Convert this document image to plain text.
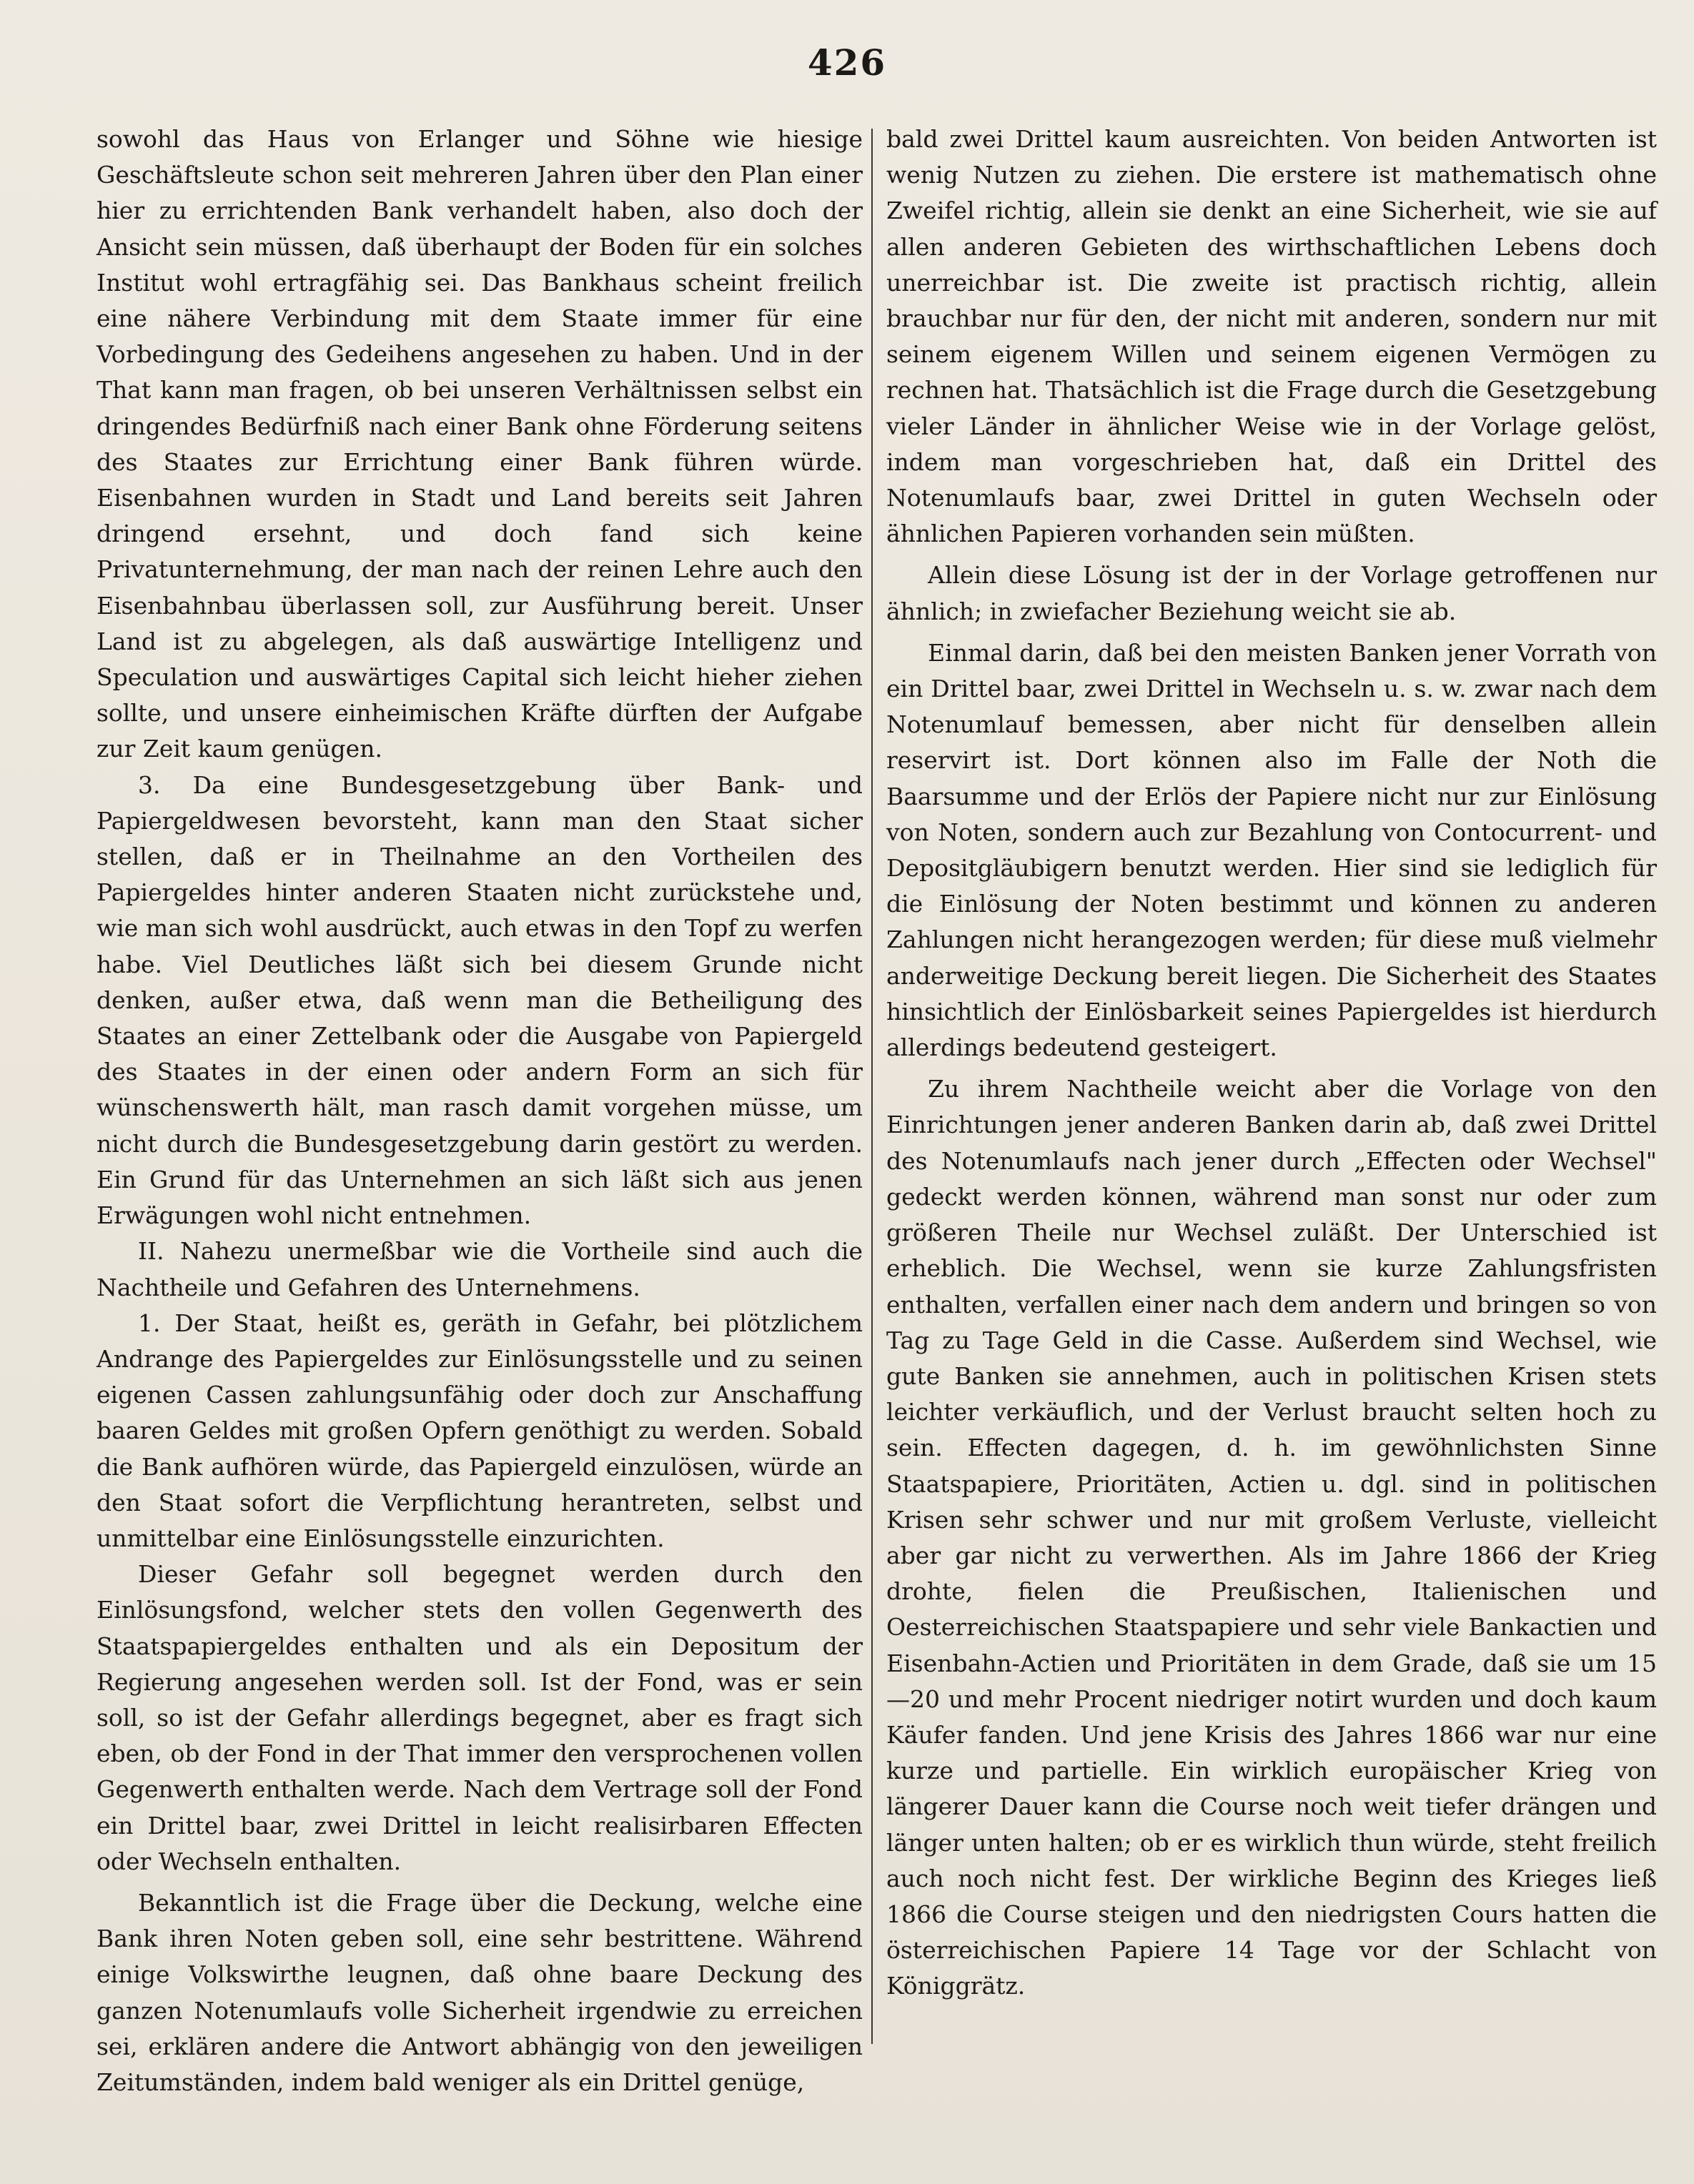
426

sowohl das Haus von Erlanger und Söhne wie hiesige Geschäftsleute schon seit mehreren Jahren über den Plan einer hier zu errichtenden Bank verhandelt haben, also doch der Ansicht sein müssen, daß überhaupt der Boden für ein solches Institut wohl ertragfähig sei. Das Bankhaus scheint freilich eine nähere Verbindung mit dem Staate immer für eine Vorbedingung des Gedeihens angesehen zu haben. Und in der That kann man fragen, ob bei unseren Verhältnissen selbst ein dringendes Bedürfniß nach einer Bank ohne Förderung seitens des Staates zur Errichtung einer Bank führen würde. Eisenbahnen wurden in Stadt und Land bereits seit Jahren dringend ersehnt, und doch fand sich keine Privatunternehmung, der man nach der reinen Lehre auch den Eisenbahnbau überlassen soll, zur Ausführung bereit. Unser Land ist zu abgelegen, als daß auswärtige Intelligenz und Speculation und auswärtiges Capital sich leicht hieher ziehen sollte, und unsere einheimischen Kräfte dürften der Aufgabe zur Zeit kaum genügen.

3. Da eine Bundesgesetzgebung über Bank- und Papiergeldwesen bevorsteht, kann man den Staat sicher stellen, daß er in Theilnahme an den Vortheilen des Papiergeldes hinter anderen Staaten nicht zurückstehe und, wie man sich wohl ausdrückt, auch etwas in den Topf zu werfen habe. Viel Deutliches läßt sich bei diesem Grunde nicht denken, außer etwa, daß wenn man die Betheiligung des Staates an einer Zettelbank oder die Ausgabe von Papiergeld des Staates in der einen oder andern Form an sich für wünschenswerth hält, man rasch damit vorgehen müsse, um nicht durch die Bundesgesetzgebung darin gestört zu werden. Ein Grund für das Unternehmen an sich läßt sich aus jenen Erwägungen wohl nicht entnehmen.

II. Nahezu unermeßbar wie die Vortheile sind auch die Nachtheile und Gefahren des Unternehmens.

1. Der Staat, heißt es, geräth in Gefahr, bei plötzlichem Andrange des Papiergeldes zur Einlösungsstelle und zu seinen eigenen Cassen zahlungsunfähig oder doch zur Anschaffung baaren Geldes mit großen Opfern genöthigt zu werden. Sobald die Bank aufhören würde, das Papiergeld einzulösen, würde an den Staat sofort die Verpflichtung herantreten, selbst und unmittelbar eine Einlösungsstelle einzurichten.

Dieser Gefahr soll begegnet werden durch den Einlösungsfond, welcher stets den vollen Gegenwerth des Staatspapiergeldes enthalten und als ein Depositum der Regierung angesehen werden soll. Ist der Fond, was er sein soll, so ist der Gefahr allerdings begegnet, aber es fragt sich eben, ob der Fond in der That immer den versprochenen vollen Gegenwerth enthalten werde. Nach dem Vertrage soll der Fond ein Drittel baar, zwei Drittel in leicht realisirbaren Effecten oder Wechseln enthalten.

Bekanntlich ist die Frage über die Deckung, welche eine Bank ihren Noten geben soll, eine sehr bestrittene. Während einige Volkswirthe leugnen, daß ohne baare Deckung des ganzen Notenumlaufs volle Sicherheit irgendwie zu erreichen sei, erklären andere die Antwort abhängig von den jeweiligen Zeitumständen, indem bald weniger als ein Drittel genüge,

bald zwei Drittel kaum ausreichten. Von beiden Antworten ist wenig Nutzen zu ziehen. Die erstere ist mathematisch ohne Zweifel richtig, allein sie denkt an eine Sicherheit, wie sie auf allen anderen Gebieten des wirthschaftlichen Lebens doch unerreichbar ist. Die zweite ist practisch richtig, allein brauchbar nur für den, der nicht mit anderen, sondern nur mit seinem eigenem Willen und seinem eigenen Vermögen zu rechnen hat. Thatsächlich ist die Frage durch die Gesetzgebung vieler Länder in ähnlicher Weise wie in der Vorlage gelöst, indem man vorgeschrieben hat, daß ein Drittel des Notenumlaufs baar, zwei Drittel in guten Wechseln oder ähnlichen Papieren vorhanden sein müßten.

Allein diese Lösung ist der in der Vorlage getroffenen nur ähnlich; in zwiefacher Beziehung weicht sie ab.

Einmal darin, daß bei den meisten Banken jener Vorrath von ein Drittel baar, zwei Drittel in Wechseln u. s. w. zwar nach dem Notenumlauf bemessen, aber nicht für denselben allein reservirt ist. Dort können also im Falle der Noth die Baarsumme und der Erlös der Papiere nicht nur zur Einlösung von Noten, sondern auch zur Bezahlung von Contocurrent- und Depositgläubigern benutzt werden. Hier sind sie lediglich für die Einlösung der Noten bestimmt und können zu anderen Zahlungen nicht herangezogen werden; für diese muß vielmehr anderweitige Deckung bereit liegen. Die Sicherheit des Staates hinsichtlich der Einlösbarkeit seines Papiergeldes ist hierdurch allerdings bedeutend gesteigert.

Zu ihrem Nachtheile weicht aber die Vorlage von den Einrichtungen jener anderen Banken darin ab, daß zwei Drittel des Notenumlaufs nach jener durch „Effecten oder Wechsel" gedeckt werden können, während man sonst nur oder zum größeren Theile nur Wechsel zuläßt. Der Unterschied ist erheblich. Die Wechsel, wenn sie kurze Zahlungsfristen enthalten, verfallen einer nach dem andern und bringen so von Tag zu Tage Geld in die Casse. Außerdem sind Wechsel, wie gute Banken sie annehmen, auch in politischen Krisen stets leichter verkäuflich, und der Verlust braucht selten hoch zu sein. Effecten dagegen, d. h. im gewöhnlichsten Sinne Staatspapiere, Prioritäten, Actien u. dgl. sind in politischen Krisen sehr schwer und nur mit großem Verluste, vielleicht aber gar nicht zu verwerthen. Als im Jahre 1866 der Krieg drohte, fielen die Preußischen, Italienischen und Oesterreichischen Staatspapiere und sehr viele Bankactien und Eisenbahn-Actien und Prioritäten in dem Grade, daß sie um 15—20 und mehr Procent niedriger notirt wurden und doch kaum Käufer fanden. Und jene Krisis des Jahres 1866 war nur eine kurze und partielle. Ein wirklich europäischer Krieg von längerer Dauer kann die Course noch weit tiefer drängen und länger unten halten; ob er es wirklich thun würde, steht freilich auch noch nicht fest. Der wirkliche Beginn des Krieges ließ 1866 die Course steigen und den niedrigsten Cours hatten die österreichischen Papiere 14 Tage vor der Schlacht von Königgrätz.
